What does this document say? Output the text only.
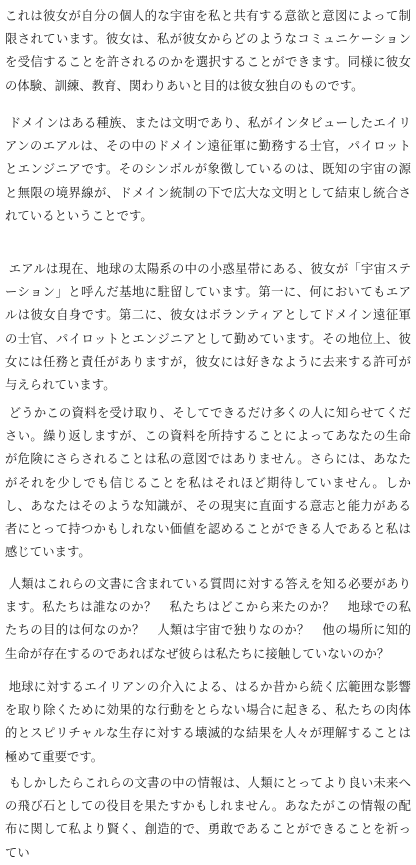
これは彼女が自分の個人的な宇宙を私と共有する意欲と意図によって制限されています。彼女は、私が彼女からどのようなコミュニケーションを受信することを許されるのかを選択することができます。同様に彼女の体験、訓練、教育、関わりあいと目的は彼女独自のものです。

ドメインはある種族、または文明であり、私がインタビューしたエイリアンのエアルは、その中のドメイン遠征軍に勤務する士官，パイロットとエンジニアです。そのシンボルが象徴しているのは、既知の宇宙の源と無限の境界線が、ドメイン統制の下で広大な文明として結束し統合されているということです。

エアルは現在、地球の太陽系の中の小惑星帯にある、彼女が「宇宙ステーション」と呼んだ基地に駐留しています。第一に、何においてもエアルは彼女自身です。第二に、彼女はボランティアとしてドメイン遠征軍の士官、パイロットとエンジニアとして勤めています。その地位上、彼女には任務と責任がありますが，彼女には好きなように去来する許可が与えられています。

どうかこの資料を受け取り、そしてできるだけ多くの人に知らせてください。繰り返しますが、この資料を所持することによってあなたの生命が危険にさらされることは私の意図ではありません。さらには、あなたがそれを少しでも信じることを私はそれほど期待していません。しかし、あなたはそのような知識が、その現実に直面する意志と能力がある者にとって持つかもしれない価値を認めることができる人であると私は感じています。

人類はこれらの文書に含まれている質問に対する答えを知る必要があります。私たちは誰なのか？　私たちはどこから来たのか？　地球での私たちの目的は何なのか？　人類は宇宙で独りなのか？　他の場所に知的生命が存在するのであればなぜ彼らは私たちに接触していないのか？

地球に対するエイリアンの介入による、はるか昔から続く広範囲な影響を取り除くために効果的な行動をとらない場合に起きる、私たちの肉体的とスピリチャルな生存に対する壊滅的な結果を人々が理解することは極めて重要です。

もしかしたらこれらの文書の中の情報は、人類にとってより良い未来への飛び石としての役目を果たすかもしれません。あなたがこの情報の配布に関して私より賢く、創造的で、勇敢であることができることを祈ってい
